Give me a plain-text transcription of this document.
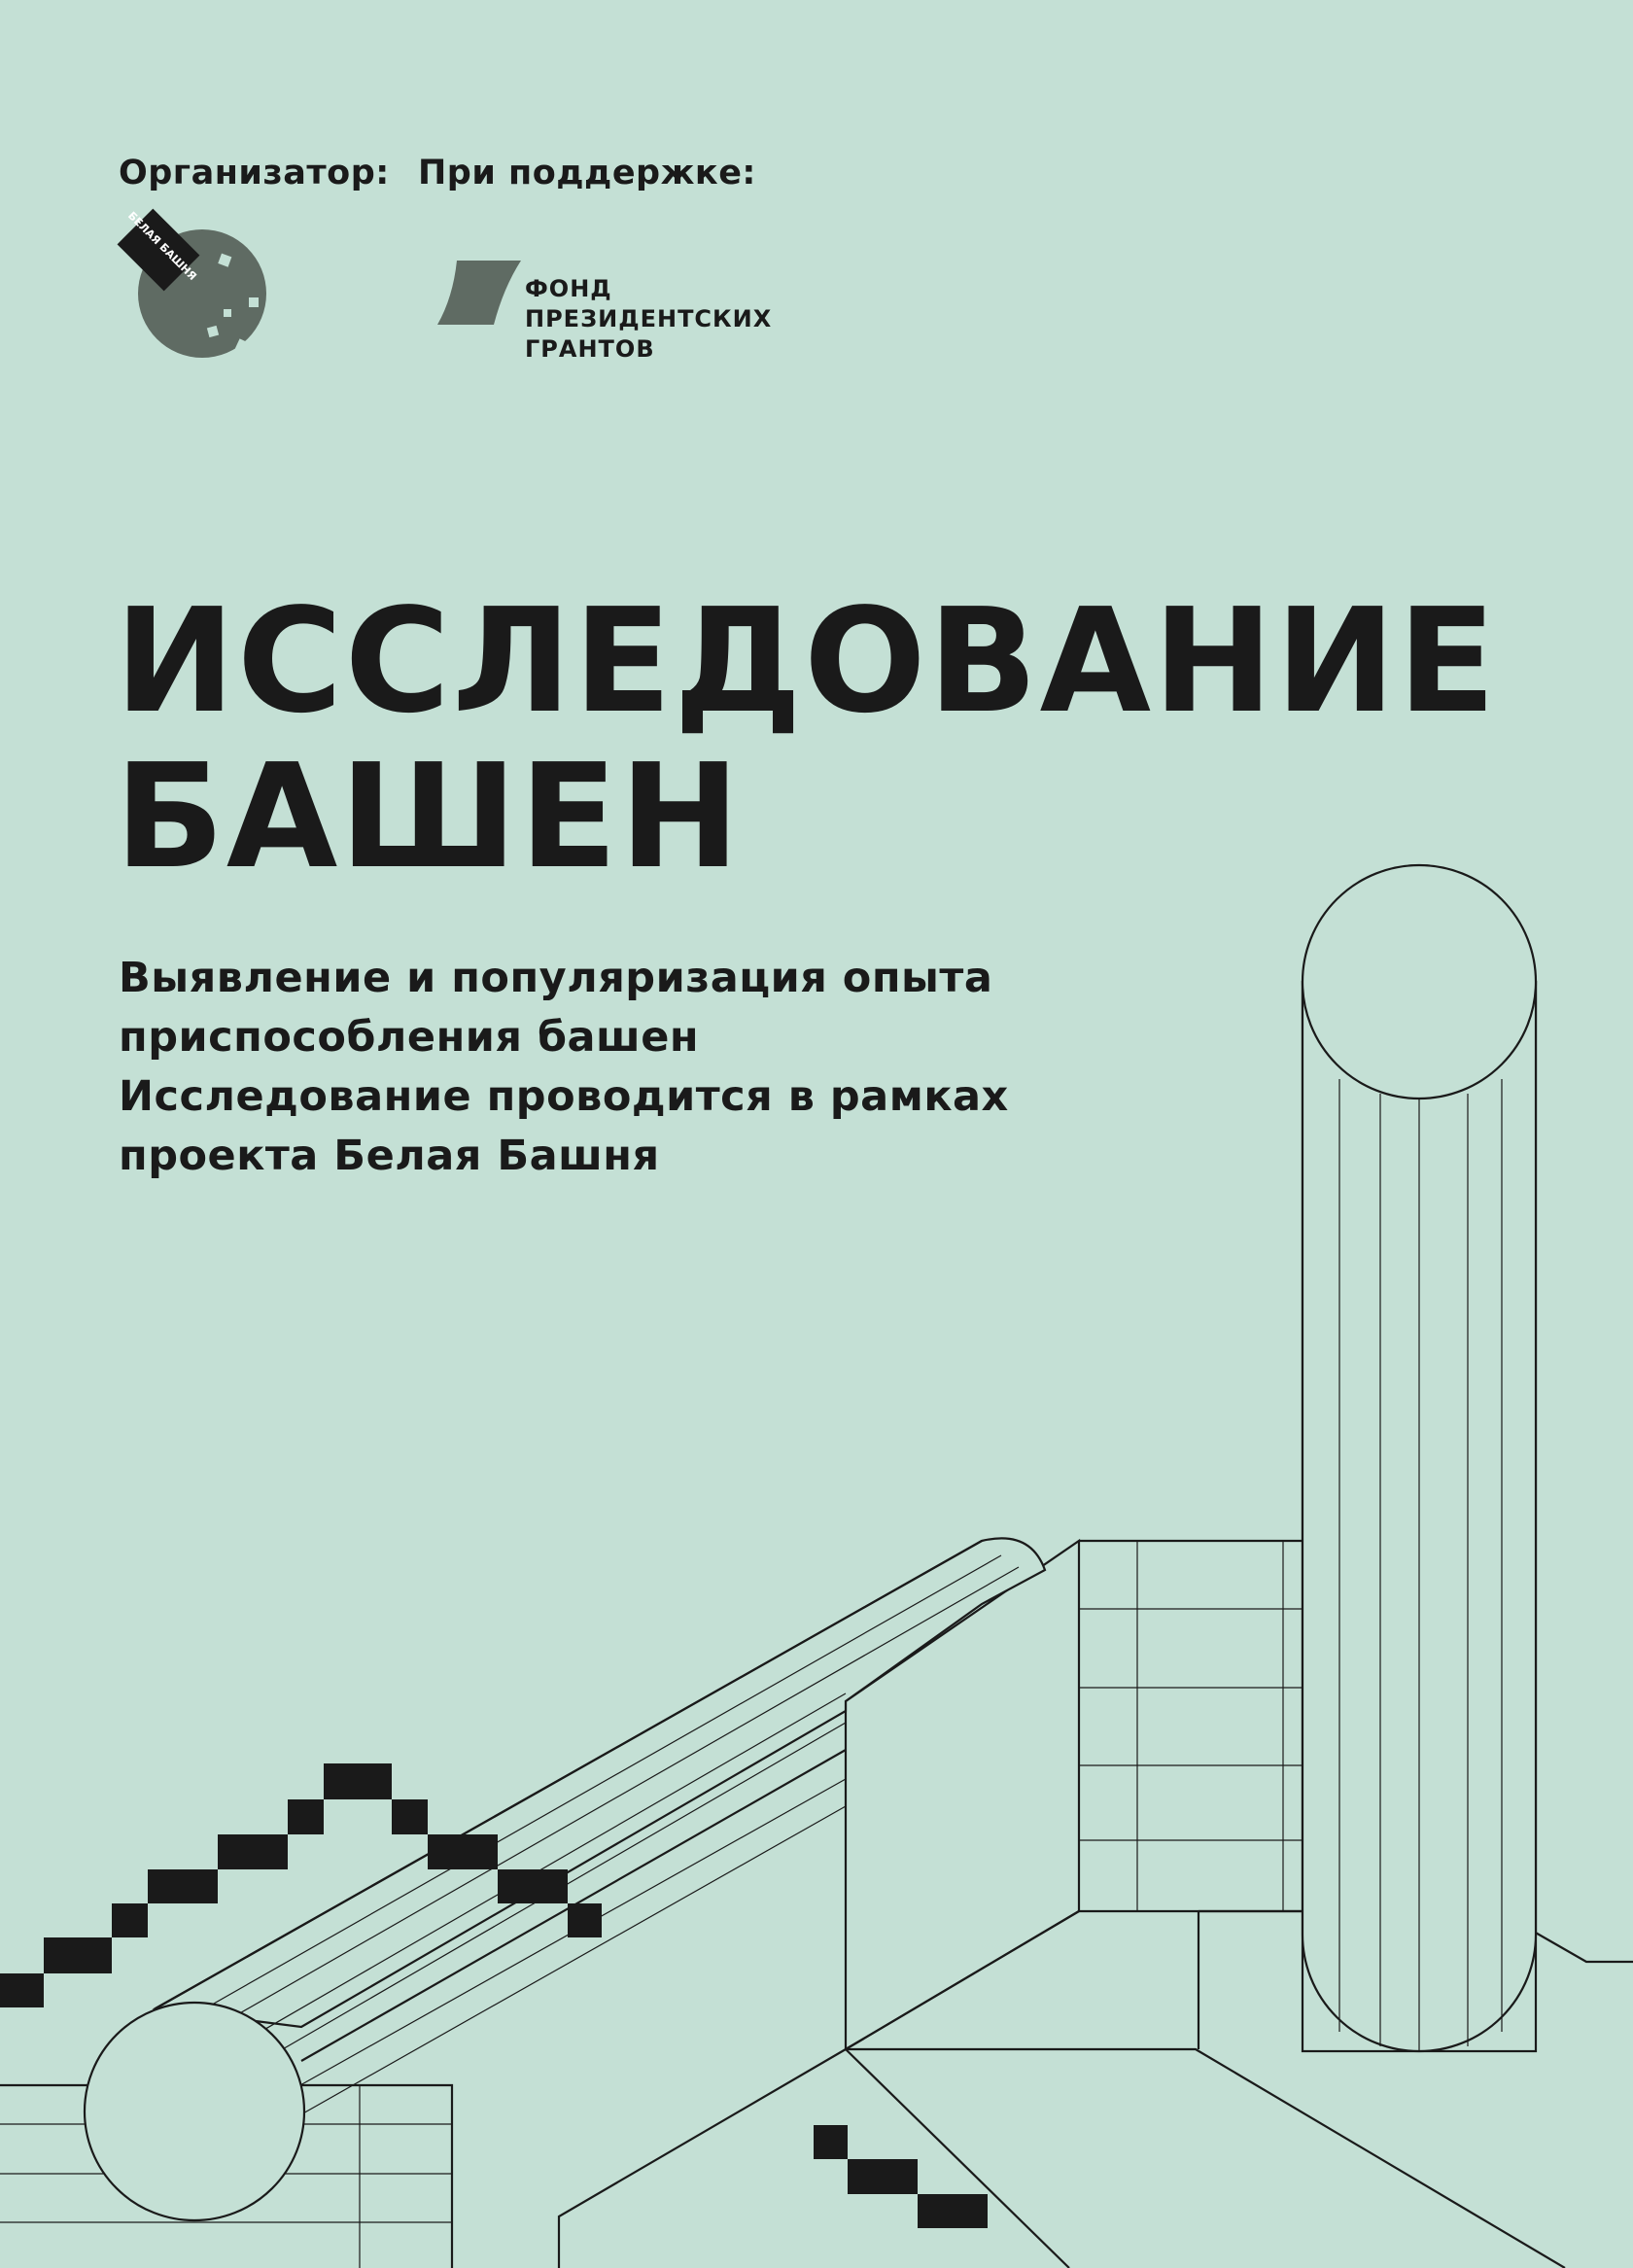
Организатор: При поддержке:
БЕЛАЯ БАШНЯ
ФОНД
ПРЕЗИДЕНТСКИХ
ГРАНТОВ
ИССЛЕДОВАНИЕ
БАШЕН
Выявление и популяризация опыта
приспособления башен
Исследование проводится в рамках
проекта Белая Башня
